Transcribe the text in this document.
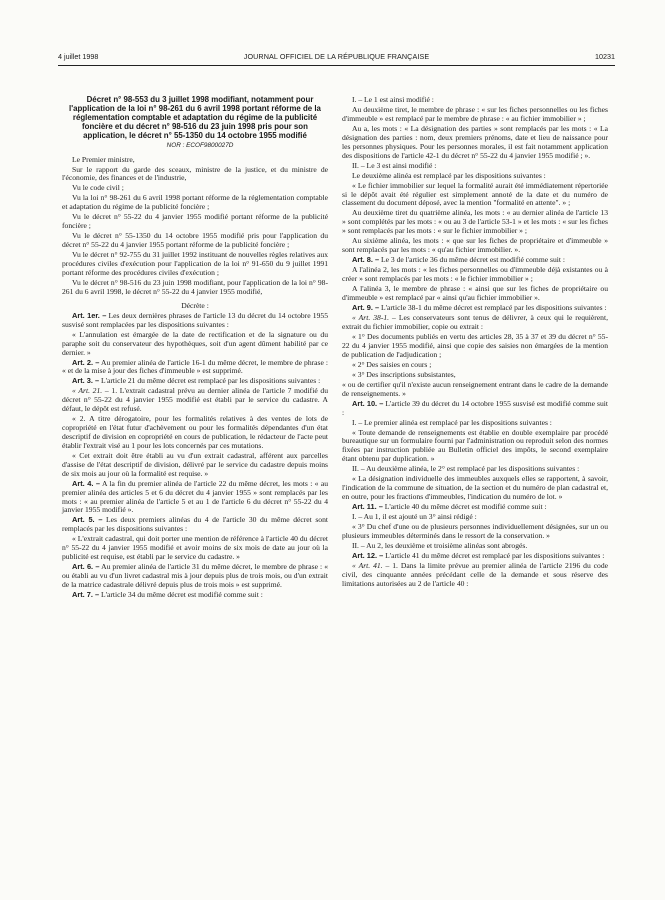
4 juillet 1998	JOURNAL OFFICIEL DE LA RÉPUBLIQUE FRANÇAISE	10231

Décret n° 98-553 du 3 juillet 1998 modifiant, notamment pour l'application de la loi n° 98-261 du 6 avril 1998 portant réforme de la réglementation comptable et adaptation du régime de la publicité foncière et du décret n° 98-516 du 23 juin 1998 pris pour son application, le décret n° 55-1350 du 14 octobre 1955 modifié

NOR : ECOF9800027D

Le Premier ministre,

Sur le rapport du garde des sceaux, ministre de la justice, et du ministre de l'économie, des finances et de l'industrie,

Vu le code civil ;

Vu la loi n° 98-261 du 6 avril 1998 portant réforme de la réglementation comptable et adaptation du régime de la publicité foncière ;

Vu le décret n° 55-22 du 4 janvier 1955 modifié portant réforme de la publicité foncière ;

Vu le décret n° 55-1350 du 14 octobre 1955 modifié pris pour l'application du décret n° 55-22 du 4 janvier 1955 portant réforme de la publicité foncière ;

Vu le décret n° 92-755 du 31 juillet 1992 instituant de nouvelles règles relatives aux procédures civiles d'exécution pour l'application de la loi n° 91-650 du 9 juillet 1991 portant réforme des procédures civiles d'exécution ;

Vu le décret n° 98-516 du 23 juin 1998 modifiant, pour l'application de la loi n° 98-261 du 6 avril 1998, le décret n° 55-22 du 4 janvier 1955 modifié,

Décrète :

Art. 1er. – Les deux dernières phrases de l'article 13 du décret du 14 octobre 1955 susvisé sont remplacées par les dispositions suivantes :

« L'annulation est émargée de la date de rectification et de la signature ou du paraphe soit du conservateur des hypothèques, soit d'un agent dûment habilité par ce dernier. »

Art. 2. – Au premier alinéa de l'article 16-1 du même décret, le membre de phrase : « et de la mise à jour des fiches d'immeuble » est supprimé.

Art. 3. – L'article 21 du même décret est remplacé par les dispositions suivantes :

« Art. 21. – 1. L'extrait cadastral prévu au dernier alinéa de l'article 7 modifié du décret n° 55-22 du 4 janvier 1955 modifié est établi par le service du cadastre. A défaut, le dépôt est refusé.

« 2. A titre dérogatoire, pour les formalités relatives à des ventes de lots de copropriété en l'état futur d'achèvement ou pour les formalités dépendantes d'un état descriptif de division en copropriété en cours de publication, le rédacteur de l'acte peut établir l'extrait visé au 1 pour les lots concernés par ces mutations.

« Cet extrait doit être établi au vu d'un extrait cadastral, afférent aux parcelles d'assise de l'état descriptif de division, délivré par le service du cadastre depuis moins de six mois au jour où la formalité est requise. »

Art. 4. – A la fin du premier alinéa de l'article 22 du même décret, les mots : « au premier alinéa des articles 5 et 6 du décret du 4 janvier 1955 » sont remplacés par les mots : « au premier alinéa de l'article 5 et au 1 de l'article 6 du décret n° 55-22 du 4 janvier 1955 modifié ».

Art. 5. – Les deux premiers alinéas du 4 de l'article 30 du même décret sont remplacés par les dispositions suivantes :

« L'extrait cadastral, qui doit porter une mention de référence à l'article 40 du décret n° 55-22 du 4 janvier 1955 modifié et avoir moins de six mois de date au jour où la publicité est requise, est établi par le service du cadastre. »

Art. 6. – Au premier alinéa de l'article 31 du même décret, le membre de phrase : « ou établi au vu d'un livret cadastral mis à jour depuis plus de trois mois, ou d'un extrait de la matrice cadastrale délivré depuis plus de trois mois » est supprimé.

Art. 7. – L'article 34 du même décret est modifié comme suit :

I. – Le 1 est ainsi modifié :

Au deuxième tiret, le membre de phrase : « sur les fiches personnelles ou les fiches d'immeuble » est remplacé par le membre de phrase : « au fichier immobilier » ;

Au a, les mots : « La désignation des parties » sont remplacés par les mots : « La désignation des parties : nom, deux premiers prénoms, date et lieu de naissance pour les personnes physiques. Pour les personnes morales, il est fait notamment application des dispositions de l'article 42-1 du décret n° 55-22 du 4 janvier 1955 modifié ; ».

II. – Le 3 est ainsi modifié :

Le deuxième alinéa est remplacé par les dispositions suivantes :

« Le fichier immobilier sur lequel la formalité aurait été immédiatement répertoriée si le dépôt avait été régulier est simplement annoté de la date et du numéro de classement du document déposé, avec la mention "formalité en attente". » ;

Au deuxième tiret du quatrième alinéa, les mots : « au dernier alinéa de l'article 13 » sont complétés par les mots : « ou au 3 de l'article 53-1 » et les mots : « sur les fiches » sont remplacés par les mots : « sur le fichier immobilier » ;

Au sixième alinéa, les mots : « que sur les fiches de propriétaire et d'immeuble » sont remplacés par les mots : « qu'au fichier immobilier. ».

Art. 8. – Le 3 de l'article 36 du même décret est modifié comme suit :

A l'alinéa 2, les mots : « les fiches personnelles ou d'immeuble déjà existantes ou à créer » sont remplacés par les mots : « le fichier immobilier » ;

A l'alinéa 3, le membre de phrase : « ainsi que sur les fiches de propriétaire ou d'immeuble » est remplacé par « ainsi qu'au fichier immobilier ».

Art. 9. – L'article 38-1 du même décret est remplacé par les dispositions suivantes :

« Art. 38-1. – Les conservateurs sont tenus de délivrer, à ceux qui le requièrent, extrait du fichier immobilier, copie ou extrait :

« 1° Des documents publiés en vertu des articles 28, 35 à 37 et 39 du décret n° 55-22 du 4 janvier 1955 modifié, ainsi que copie des saisies non émargées de la mention de publication de l'adjudication ;

« 2° Des saisies en cours ;

« 3° Des inscriptions subsistantes,

« ou de certifier qu'il n'existe aucun renseignement entrant dans le cadre de la demande de renseignements. »

Art. 10. – L'article 39 du décret du 14 octobre 1955 susvisé est modifié comme suit :

I. – Le premier alinéa est remplacé par les dispositions suivantes :

« Toute demande de renseignements est établie en double exemplaire par procédé bureautique sur un formulaire fourni par l'administration ou reproduit selon des normes fixées par instruction publiée au Bulletin officiel des impôts, le second exemplaire étant obtenu par duplication. »

II. – Au deuxième alinéa, le 2° est remplacé par les dispositions suivantes :

« La désignation individuelle des immeubles auxquels elles se rapportent, à savoir, l'indication de la commune de situation, de la section et du numéro de plan cadastral et, en outre, pour les fractions d'immeubles, l'indication du numéro de lot. »

Art. 11. – L'article 40 du même décret est modifié comme suit :

I. – Au 1, il est ajouté un 3° ainsi rédigé :

« 3° Du chef d'une ou de plusieurs personnes individuellement désignées, sur un ou plusieurs immeubles déterminés dans le ressort de la conservation. »

II. – Au 2, les deuxième et troisième alinéas sont abrogés.

Art. 12. – L'article 41 du même décret est remplacé par les dispositions suivantes :

« Art. 41. – 1. Dans la limite prévue au premier alinéa de l'article 2196 du code civil, des cinquante années précédant celle de la demande et sous réserve des limitations autorisées au 2 de l'article 40 :
